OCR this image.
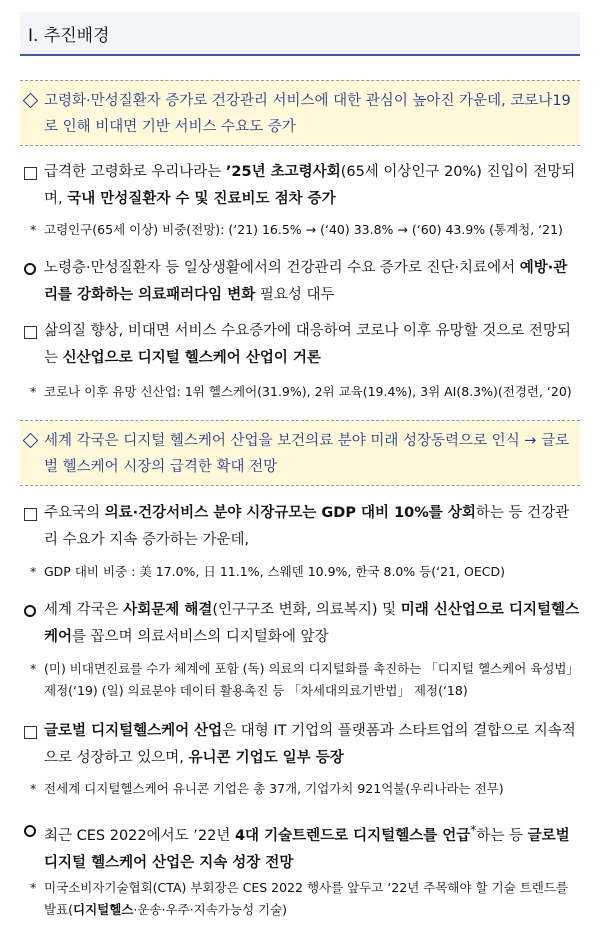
Ⅰ. 추진배경
고령화·만성질환자 증가로 건강관리 서비스에 대한 관심이 높아진 가운데, 코로나19로 인해 비대면 기반 서비스 수요도 증가
급격한 고령화로 우리나라는 ’25년 초고령사회(65세 이상인구 20%) 진입이 전망되며, 국내 만성질환자 수 및 진료비도 점차 증가
* 고령인구(65세 이상) 비중(전망): (‘21) 16.5% → (‘40) 33.8% → (‘60) 43.9% (통계청, ‘21)
노령층·만성질환자 등 일상생활에서의 건강관리 수요 증가로 진단·치료에서 예방·관리를 강화하는 의료패러다임 변화 필요성 대두
삶의질 향상, 비대면 서비스 수요증가에 대응하여 코로나 이후 유망할 것으로 전망되는 신산업으로 디지털 헬스케어 산업이 거론
* 코로나 이후 유망 신산업: 1위 헬스케어(31.9%), 2위 교육(19.4%), 3위 AI(8.3%)(전경련, ‘20)
세계 각국은 디지털 헬스케어 산업을 보건의료 분야 미래 성장동력으로 인식 → 글로벌 헬스케어 시장의 급격한 확대 전망
주요국의 의료·건강서비스 분야 시장규모는 GDP 대비 10%를 상회하는 등 건강관리 수요가 지속 증가하는 가운데,
* GDP 대비 비중 : 美 17.0%, 日 11.1%, 스웨덴 10.9%, 한국 8.0% 등(‘21, OECD)
세계 각국은 사회문제 해결(인구구조 변화, 의료복지) 및 미래 신산업으로 디지털헬스케어를 꼽으며 의료서비스의 디지털화에 앞장
* (미) 비대면진료를 수가 체계에 포함 (독) 의료의 디지털화를 촉진하는 「디지털 헬스케어 육성법」 제정(‘19) (일) 의료분야 데이터 활용촉진 등 「차세대의료기반법」 제정(‘18)
글로벌 디지털헬스케어 산업은 대형 IT 기업의 플랫폼과 스타트업의 결합으로 지속적으로 성장하고 있으며, 유니콘 기업도 일부 등장
* 전세계 디지털헬스케어 유니콘 기업은 총 37개, 기업가치 921억불(우리나라는 전무)
최근 CES 2022에서도 ’22년 4대 기술트렌드로 디지털헬스를 언급*하는 등 글로벌 디지털 헬스케어 산업은 지속 성장 전망
* 미국소비자기술협회(CTA) 부회장은 CES 2022 행사를 앞두고 ‘22년 주목해야 할 기술 트렌드를 발표(디지털헬스·운송·우주·지속가능성 기술)
